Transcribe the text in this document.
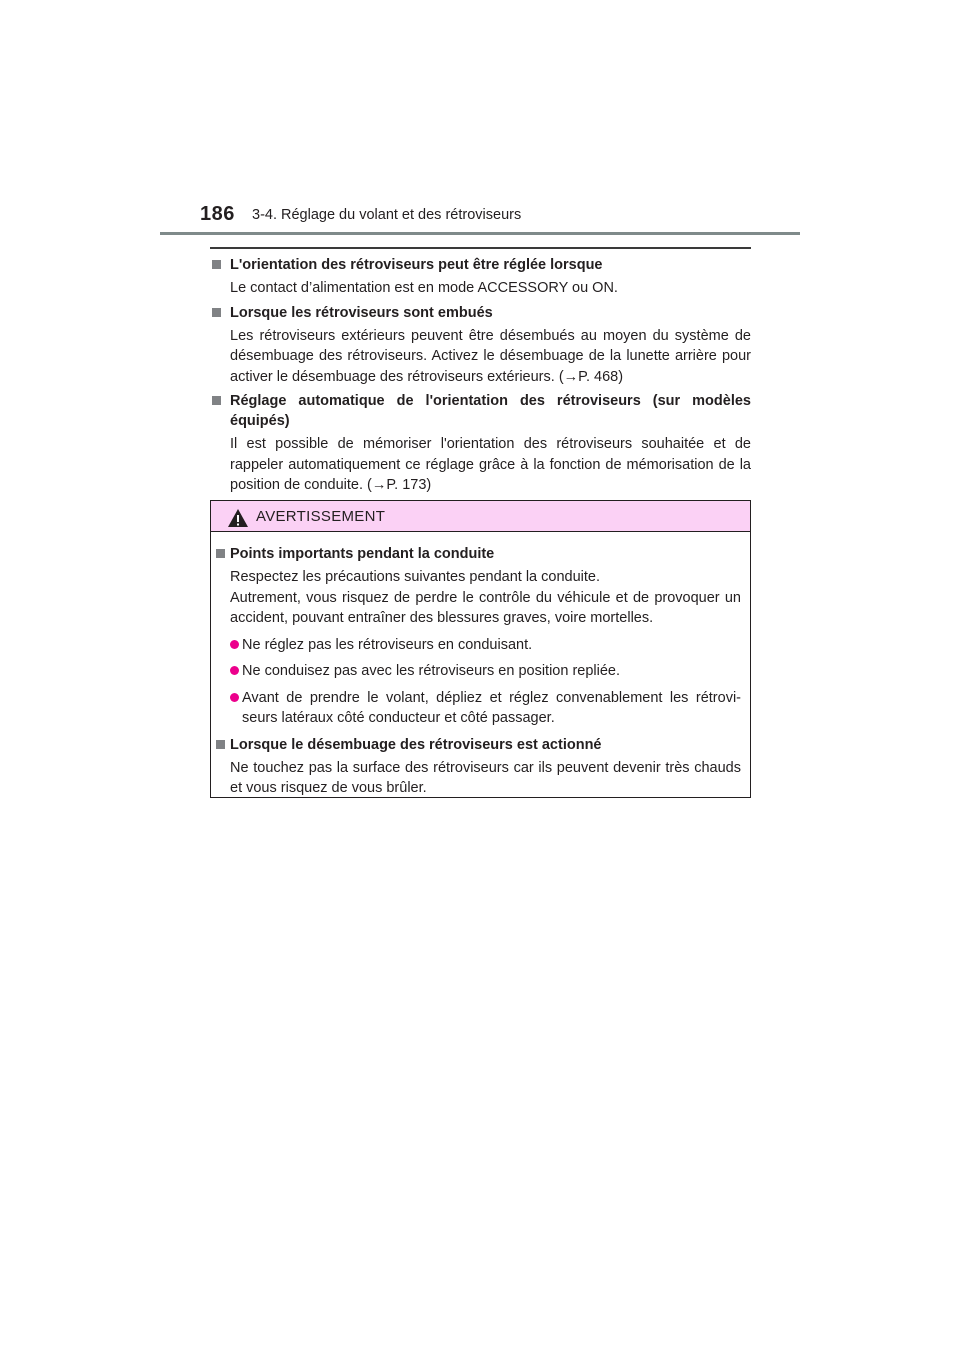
186 3-4. Réglage du volant et des rétroviseurs
L'orientation des rétroviseurs peut être réglée lorsque
Le contact d’alimentation est en mode ACCESSORY ou ON.
Lorsque les rétroviseurs sont embués
Les rétroviseurs extérieurs peuvent être désembués au moyen du système de désembuage des rétroviseurs. Activez le désembuage de la lunette arrière pour activer le désembuage des rétroviseurs extérieurs. (→P. 468)
Réglage automatique de l'orientation des rétroviseurs (sur modèles équipés)
Il est possible de mémoriser l'orientation des rétroviseurs souhaitée et de rappeler automatiquement ce réglage grâce à la fonction de mémorisation de la position de conduite. (→P. 173)
AVERTISSEMENT
Points importants pendant la conduite
Respectez les précautions suivantes pendant la conduite.
Autrement, vous risquez de perdre le contrôle du véhicule et de provoquer un accident, pouvant entraîner des blessures graves, voire mortelles.
Ne réglez pas les rétroviseurs en conduisant.
Ne conduisez pas avec les rétroviseurs en position repliée.
Avant de prendre le volant, dépliez et réglez convenablement les rétrovi-seurs latéraux côté conducteur et côté passager.
Lorsque le désembuage des rétroviseurs est actionné
Ne touchez pas la surface des rétroviseurs car ils peuvent devenir très chauds et vous risquez de vous brûler.
